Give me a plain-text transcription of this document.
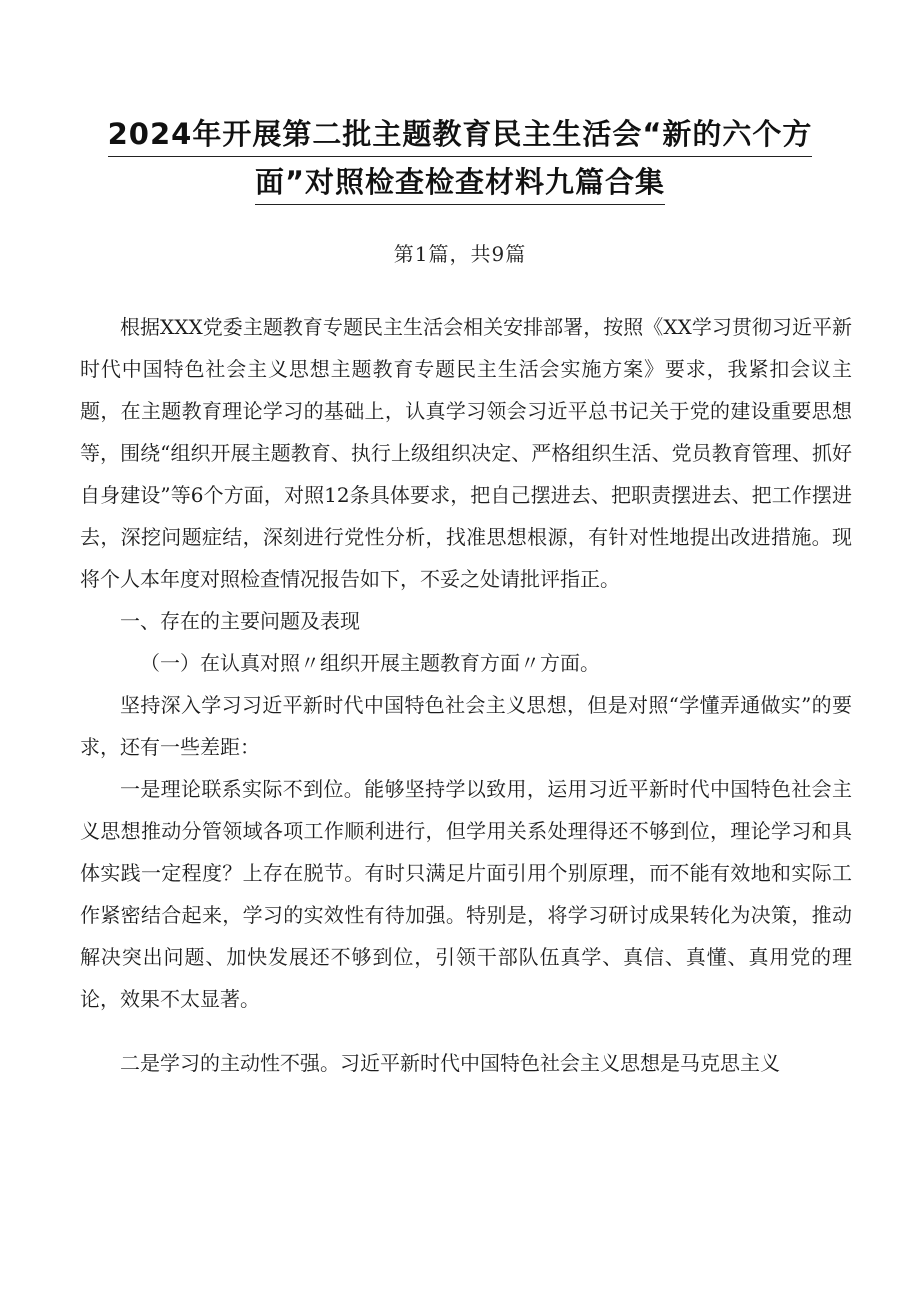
2024年开展第二批主题教育民主生活会“新的六个方
面”对照检查检查材料九篇合集
第1篇，共9篇

根据XXX党委主题教育专题民主生活会相关安排部署，按照《XX学习贯彻习近平新时代中国特色社会主义思想主题教育专题民主生活会实施方案》要求，我紧扣会议主题，在主题教育理论学习的基础上，认真学习领会习近平总书记关于党的建设重要思想等，围绕“组织开展主题教育、执行上级组织决定、严格组织生活、党员教育管理、抓好自身建设”等6个方面，对照12条具体要求，把自己摆进去、把职责摆进去、把工作摆进去，深挖问题症结，深刻进行党性分析，找准思想根源，有针对性地提出改进措施。现将个人本年度对照检查情况报告如下，不妥之处请批评指正。

一、存在的主要问题及表现

（一）在认真对照〃组织开展主题教育方面〃方面。

坚持深入学习习近平新时代中国特色社会主义思想，但是对照“学懂弄通做实”的要求，还有一些差距：

一是理论联系实际不到位。能够坚持学以致用，运用习近平新时代中国特色社会主义思想推动分管领域各项工作顺利进行，但学用关系处理得还不够到位，理论学习和具体实践一定程度？上存在脱节。有时只满足片面引用个别原理，而不能有效地和实际工作紧密结合起来，学习的实效性有待加强。特别是，将学习研讨成果转化为决策，推动解决突出问题、加快发展还不够到位，引领干部队伍真学、真信、真懂、真用党的理论，效果不太显著。

二是学习的主动性不强。习近平新时代中国特色社会主义思想是马克思主义
